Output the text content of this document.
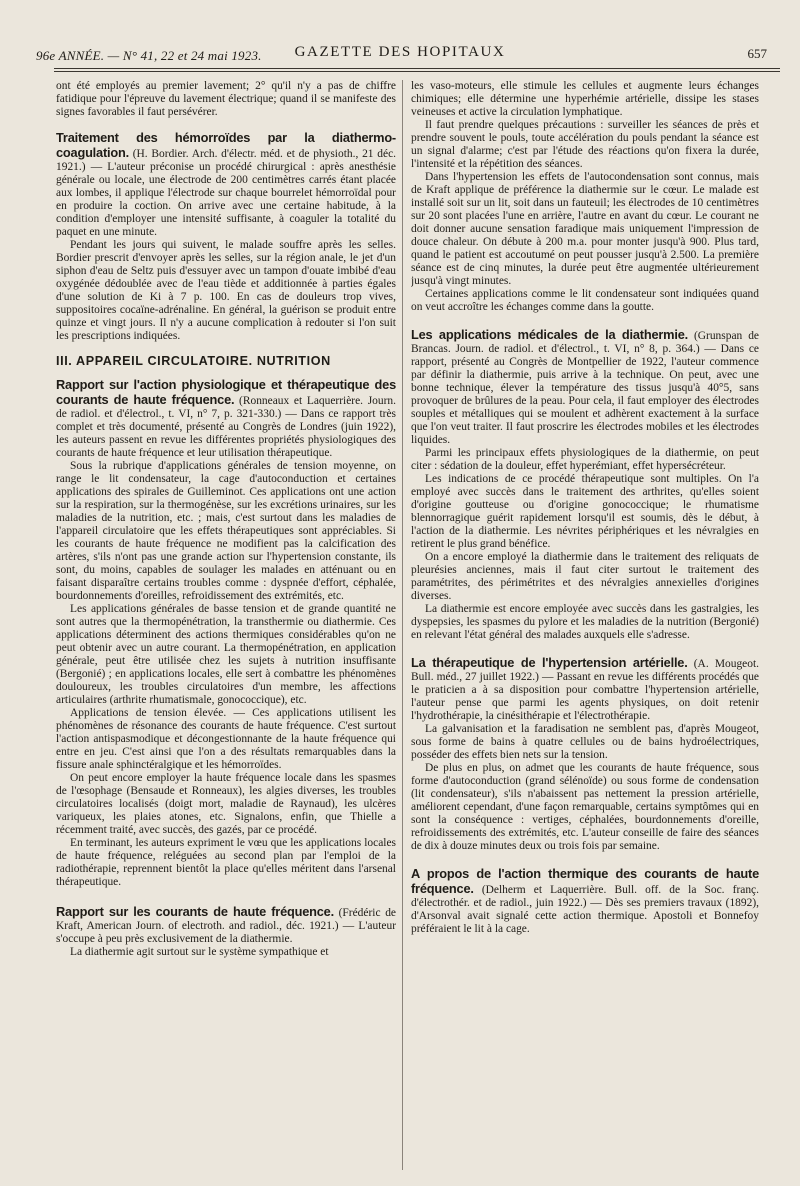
96e ANNÉE. — N° 41, 22 et 24 mai 1923.	GAZETTE DES HOPITAUX	657

ont été employés au premier lavement; 2° qu'il n'y a pas de chiffre fatidique pour l'épreuve du lavement électrique; quand il se manifeste des signes favorables il faut persévérer.

Traitement des hémorroïdes par la diathermo-coagulation. (H. Bordier. Arch. d'électr. méd. et de physioth., 21 déc. 1921.) — L'auteur préconise un procédé chirurgical : après anesthésie générale ou locale, une électrode de 200 centimètres carrés étant placée aux lombes, il applique l'électrode sur chaque bourrelet hémorroïdal pour en produire la coction. On arrive avec une certaine habitude, à la condition d'employer une intensité suffisante, à coaguler la totalité du paquet en une minute.

Pendant les jours qui suivent, le malade souffre après les selles. Bordier prescrit d'envoyer après les selles, sur la région anale, le jet d'un siphon d'eau de Seltz puis d'essuyer avec un tampon d'ouate imbibé d'eau oxygénée dédoublée avec de l'eau tiède et additionnée à parties égales d'une solution de Ki à 7 p. 100. En cas de douleurs trop vives, suppositoires cocaïne-adrénaline. En général, la guérison se produit entre quinze et vingt jours. Il n'y a aucune complication à redouter si l'on suit les prescriptions indiquées.

III. APPAREIL CIRCULATOIRE. NUTRITION

Rapport sur l'action physiologique et thérapeutique des courants de haute fréquence. (Ronneaux et Laquerrière. Journ. de radiol. et d'électrol., t. VI, n° 7, p. 321-330.) — Dans ce rapport très complet et très documenté, présenté au Congrès de Londres (juin 1922), les auteurs passent en revue les différentes propriétés physiologiques des courants de haute fréquence et leur utilisation thérapeutique.

Sous la rubrique d'applications générales de tension moyenne, on range le lit condensateur, la cage d'autoconduction et certaines applications des spirales de Guilleminot. Ces applications ont une action sur la respiration, sur la thermogénèse, sur les excrétions urinaires, sur les maladies de la nutrition, etc. ; mais, c'est surtout dans les maladies de l'appareil circulatoire que les effets thérapeutiques sont appréciables. Si les courants de haute fréquence ne modifient pas la calcification des artères, s'ils n'ont pas une grande action sur l'hypertension constante, ils sont, du moins, capables de soulager les malades en atténuant ou en faisant disparaître certains troubles comme : dyspnée d'effort, céphalée, bourdonnements d'oreilles, refroidissement des extrémités, etc.

Les applications générales de basse tension et de grande quantité ne sont autres que la thermopénétration, la transthermie ou diathermie. Ces applications déterminent des actions thermiques considérables qu'on ne peut obtenir avec un autre courant. La thermopénétration, en application générale, peut être utilisée chez les sujets à nutrition insuffisante (Bergonié) ; en applications locales, elle sert à combattre les phénomènes douloureux, les troubles circulatoires d'un membre, les affections articulaires (arthrite rhumatismale, gonococcique), etc.

Applications de tension élevée. — Ces applications utilisent les phénomènes de résonance des courants de haute fréquence. C'est surtout l'action antispasmodique et décongestionnante de la haute fréquence qui entre en jeu. C'est ainsi que l'on a des résultats remarquables dans la fissure anale sphinctéralgique et les hémorroïdes.

On peut encore employer la haute fréquence locale dans les spasmes de l'œsophage (Bensaude et Ronneaux), les algies diverses, les troubles circulatoires localisés (doigt mort, maladie de Raynaud), les ulcères variqueux, les plaies atones, etc. Signalons, enfin, que Thielle a récemment traité, avec succès, des gazés, par ce procédé.

En terminant, les auteurs expriment le vœu que les applications locales de haute fréquence, reléguées au second plan par l'emploi de la radiothérapie, reprennent bientôt la place qu'elles méritent dans l'arsenal thérapeutique.

Rapport sur les courants de haute fréquence. (Frédéric de Kraft, American Journ. of electroth. and radiol., déc. 1921.) — L'auteur s'occupe à peu près exclusivement de la diathermie.

La diathermie agit surtout sur le système sympathique et

les vaso-moteurs, elle stimule les cellules et augmente leurs échanges chimiques; elle détermine une hyperhémie artérielle, dissipe les stases veineuses et active la circulation lymphatique.

Il faut prendre quelques précautions : surveiller les séances de près et prendre souvent le pouls, toute accélération du pouls pendant la séance est un signal d'alarme; c'est par l'étude des réactions qu'on fixera la durée, l'intensité et la répétition des séances.

Dans l'hypertension les effets de l'autocondensation sont connus, mais de Kraft applique de préférence la diathermie sur le cœur. Le malade est installé soit sur un lit, soit dans un fauteuil; les électrodes de 10 centimètres sur 20 sont placées l'une en arrière, l'autre en avant du cœur. Le courant ne doit donner aucune sensation faradique mais uniquement l'impression de douce chaleur. On débute à 200 m.a. pour monter jusqu'à 900. Plus tard, quand le patient est accoutumé on peut pousser jusqu'à 2.500. La première séance est de cinq minutes, la durée peut être augmentée ultérieurement jusqu'à vingt minutes.

Certaines applications comme le lit condensateur sont indiquées quand on veut accroître les échanges comme dans la goutte.

Les applications médicales de la diathermie. (Grunspan de Brancas. Journ. de radiol. et d'électrol., t. VI, n° 8, p. 364.) — Dans ce rapport, présenté au Congrès de Montpellier de 1922, l'auteur commence par définir la diathermie, puis arrive à la technique. On peut, avec une bonne technique, élever la température des tissus jusqu'à 40°5, sans provoquer de brûlures de la peau. Pour cela, il faut employer des électrodes souples et métalliques qui se moulent et adhèrent exactement à la surface que l'on veut traiter. Il faut proscrire les électrodes mobiles et les électrodes liquides.

Parmi les principaux effets physiologiques de la diathermie, on peut citer : sédation de la douleur, effet hyperémiant, effet hypersécréteur.

Les indications de ce procédé thérapeutique sont multiples. On l'a employé avec succès dans le traitement des arthrites, qu'elles soient d'origine goutteuse ou d'origine gonococcique; le rhumatisme blennorragique guérit rapidement lorsqu'il est soumis, dès le début, à l'action de la diathermie. Les névrites périphériques et les névralgies en retirent le plus grand bénéfice.

On a encore employé la diathermie dans le traitement des reliquats de pleurésies anciennes, mais il faut citer surtout le traitement des paramétrites, des périmétrites et des névralgies annexielles d'origines diverses.

La diathermie est encore employée avec succès dans les gastralgies, les dyspepsies, les spasmes du pylore et les maladies de la nutrition (Bergonié) en relevant l'état général des malades auxquels elle s'adresse.

La thérapeutique de l'hypertension artérielle. (A. Mougeot. Bull. méd., 27 juillet 1922.) — Passant en revue les différents procédés que le praticien a à sa disposition pour combattre l'hypertension artérielle, l'auteur pense que parmi les agents physiques, on doit retenir l'hydrothérapie, la cinésithérapie et l'électrothérapie.

La galvanisation et la faradisation ne semblent pas, d'après Mougeot, sous forme de bains à quatre cellules ou de bains hydroélectriques, posséder des effets bien nets sur la tension.

De plus en plus, on admet que les courants de haute fréquence, sous forme d'autoconduction (grand sélénoïde) ou sous forme de condensation (lit condensateur), s'ils n'abaissent pas nettement la pression artérielle, améliorent cependant, d'une façon remarquable, certains symptômes qui en sont la conséquence : vertiges, céphalées, bourdonnements d'oreille, refroidissements des extrémités, etc. L'auteur conseille de faire des séances de dix à douze minutes deux ou trois fois par semaine.

A propos de l'action thermique des courants de haute fréquence. (Delherm et Laquerrière. Bull. off. de la Soc. franç. d'électrothér. et de radiol., juin 1922.) — Dès ses premiers travaux (1892), d'Arsonval avait signalé cette action thermique. Apostoli et Bonnefoy préféraient le lit à la cage.
